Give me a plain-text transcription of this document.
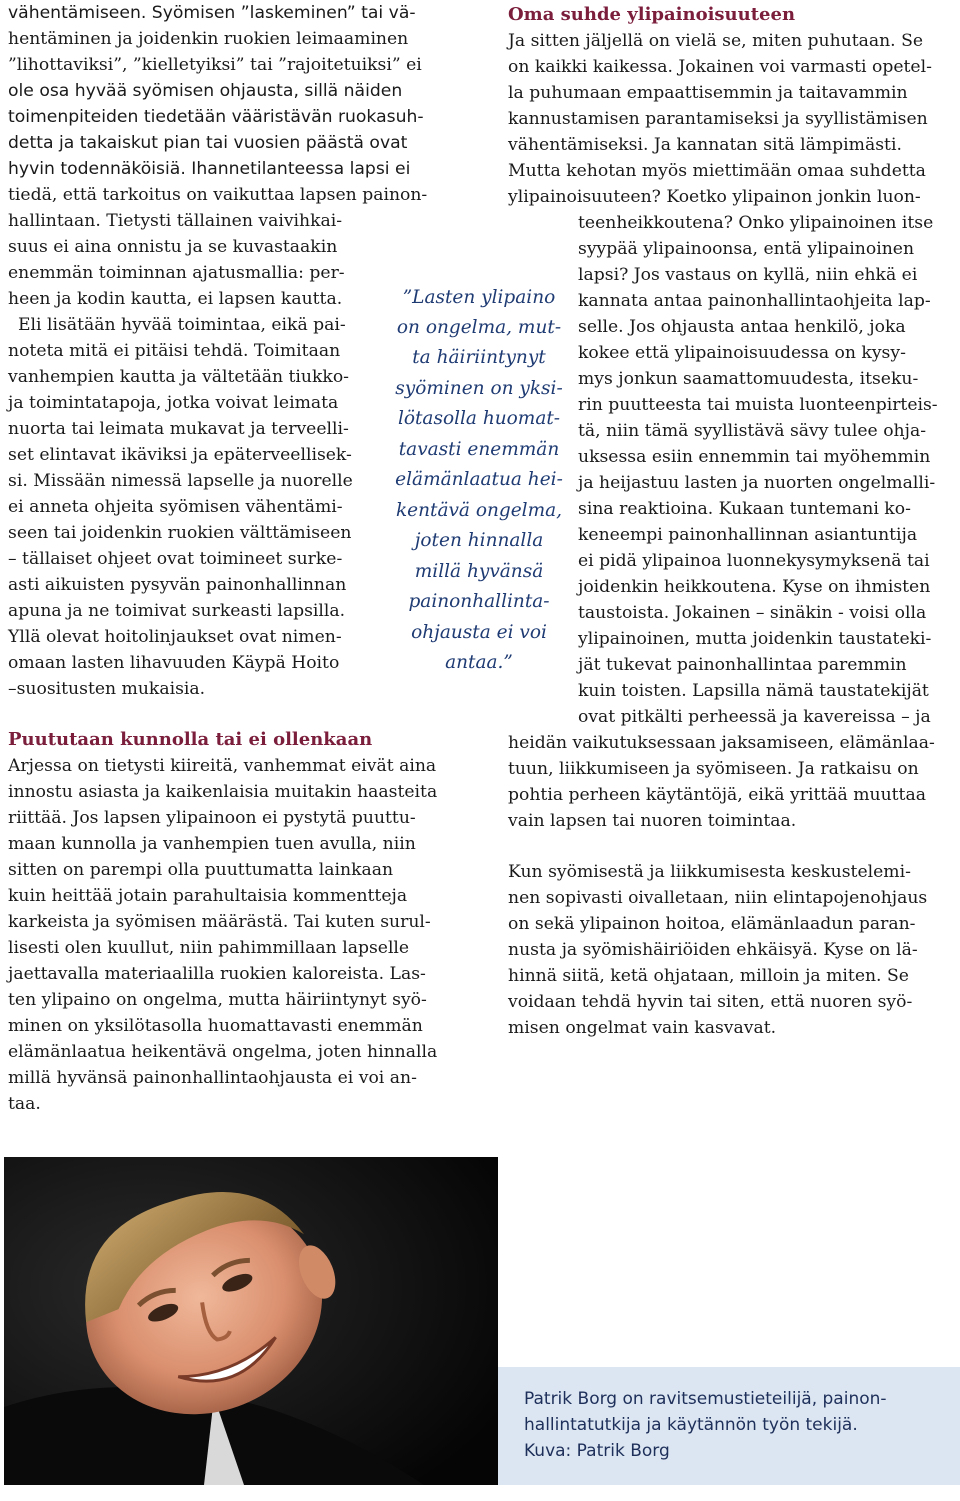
vähentämiseen. Syömisen ”laskeminen” tai vä-
hentäminen ja joidenkin ruokien leimaaminen
”lihottaviksi”, ”kielletyiksi” tai ”rajoitetuiksi” ei
ole osa hyvää syömisen ohjausta, sillä näiden
toimenpiteiden tiedetään vääristävän ruokasuh-
detta ja takaiskut pian tai vuosien päästä ovat
hyvin todennäköisiä. Ihannetilanteessa lapsi ei
tiedä, että tarkoitus on vaikuttaa lapsen painon-
hallintaan. Tietysti tällainen vaivihkai-
suus ei aina onnistu ja se kuvastaakin
enemmän toiminnan ajatusmallia: per-
heen ja kodin kautta, ei lapsen kautta.
Eli lisätään hyvää toimintaa, eikä pai-
noteta mitä ei pitäisi tehdä. Toimitaan
vanhempien kautta ja vältetään tiukko-
ja toimintatapoja, jotka voivat leimata
nuorta tai leimata mukavat ja terveelli-
set elintavat ikäviksi ja epäterveellisek-
si. Missään nimessä lapselle ja nuorelle
ei anneta ohjeita syömisen vähentämi-
seen tai joidenkin ruokien välttämiseen
– tällaiset ohjeet ovat toimineet surke-
asti aikuisten pysyvän painonhallinnan
apuna ja ne toimivat surkeasti lapsilla.
Yllä olevat hoitolinjaukset ovat nimen-
omaan lasten lihavuuden Käypä Hoito
–suositusten mukaisia.
”Lasten ylipaino
on ongelma, mut-
ta häiriintynyt
syöminen on yksi-
lötasolla huomat-
tavasti enemmän
elämänlaatua hei-
kentävä ongelma,
joten hinnalla
millä hyvänsä
painonhallinta-
ohjausta ei voi
antaa.”
Puututaan kunnolla tai ei ollenkaan
Arjessa on tietysti kiireitä, vanhemmat eivät aina
innostu asiasta ja kaikenlaisia muitakin haasteita
riittää. Jos lapsen ylipainoon ei pystytä puuttu-
maan kunnolla ja vanhempien tuen avulla, niin
sitten on parempi olla puuttumatta lainkaan
kuin heittää jotain parahultaisia kommentteja
karkeista ja syömisen määrästä. Tai kuten surul-
lisesti olen kuullut, niin pahimmillaan lapselle
jaettavalla materiaalilla ruokien kaloreista. Las-
ten ylipaino on ongelma, mutta häiriintynyt syö-
minen on yksilötasolla huomattavasti enemmän
elämänlaatua heikentävä ongelma, joten hinnalla
millä hyvänsä painonhallintaohjausta ei voi an-
taa.
Oma suhde ylipainoisuuteen
Ja sitten jäljellä on vielä se, miten puhutaan. Se
on kaikki kaikessa. Jokainen voi varmasti opetel-
la puhumaan empaattisemmin ja taitavammin
kannustamisen parantamiseksi ja syyllistämisen
vähentämiseksi. Ja kannatan sitä lämpimästi.
Mutta kehotan myös miettimään omaa suhdetta
ylipainoisuuteen? Koetko ylipainon jonkin luon-
teenheikkoutena? Onko ylipainoinen itse
syypää ylipainoonsa, entä ylipainoinen
lapsi? Jos vastaus on kyllä, niin ehkä ei
kannata antaa painonhallintaohjeita lap-
selle. Jos ohjausta antaa henkilö, joka
kokee että ylipainoisuudessa on kysy-
mys jonkun saamattomuudesta, itseku-
rin puutteesta tai muista luonteenpirteis-
tä, niin tämä syyllistävä sävy tulee ohja-
uksessa esiin ennemmin tai myöhemmin
ja heijastuu lasten ja nuorten ongelmalli-
sina reaktioina. Kukaan tuntemani ko-
keneempi painonhallinnan asiantuntija
ei pidä ylipainoa luonnekysymyksenä tai
joidenkin heikkoutena. Kyse on ihmisten
taustoista. Jokainen – sinäkin - voisi olla
ylipainoinen, mutta joidenkin taustateki-
jät tukevat painonhallintaa paremmin
kuin toisten. Lapsilla nämä taustatekijät
ovat pitkälti perheessä ja kavereissa – ja
heidän vaikutuksessaan jaksamiseen, elämänlaa-
tuun, liikkumiseen ja syömiseen. Ja ratkaisu on
pohtia perheen käytäntöjä, eikä yrittää muuttaa
vain lapsen tai nuoren toimintaa.
Kun syömisestä ja liikkumisesta keskustelemi-
nen sopivasti oivalletaan, niin elintapojenohjaus
on sekä ylipainon hoitoa, elämänlaadun paran-
nusta ja syömishäiriöiden ehkäisyä. Kyse on lä-
hinnä siitä, ketä ohjataan, milloin ja miten. Se
voidaan tehdä hyvin tai siten, että nuoren syö-
misen ongelmat vain kasvavat.
Patrik Borg on ravitsemustieteilijä, painon-
hallintatutkija ja käytännön työn tekijä.
Kuva: Patrik Borg
